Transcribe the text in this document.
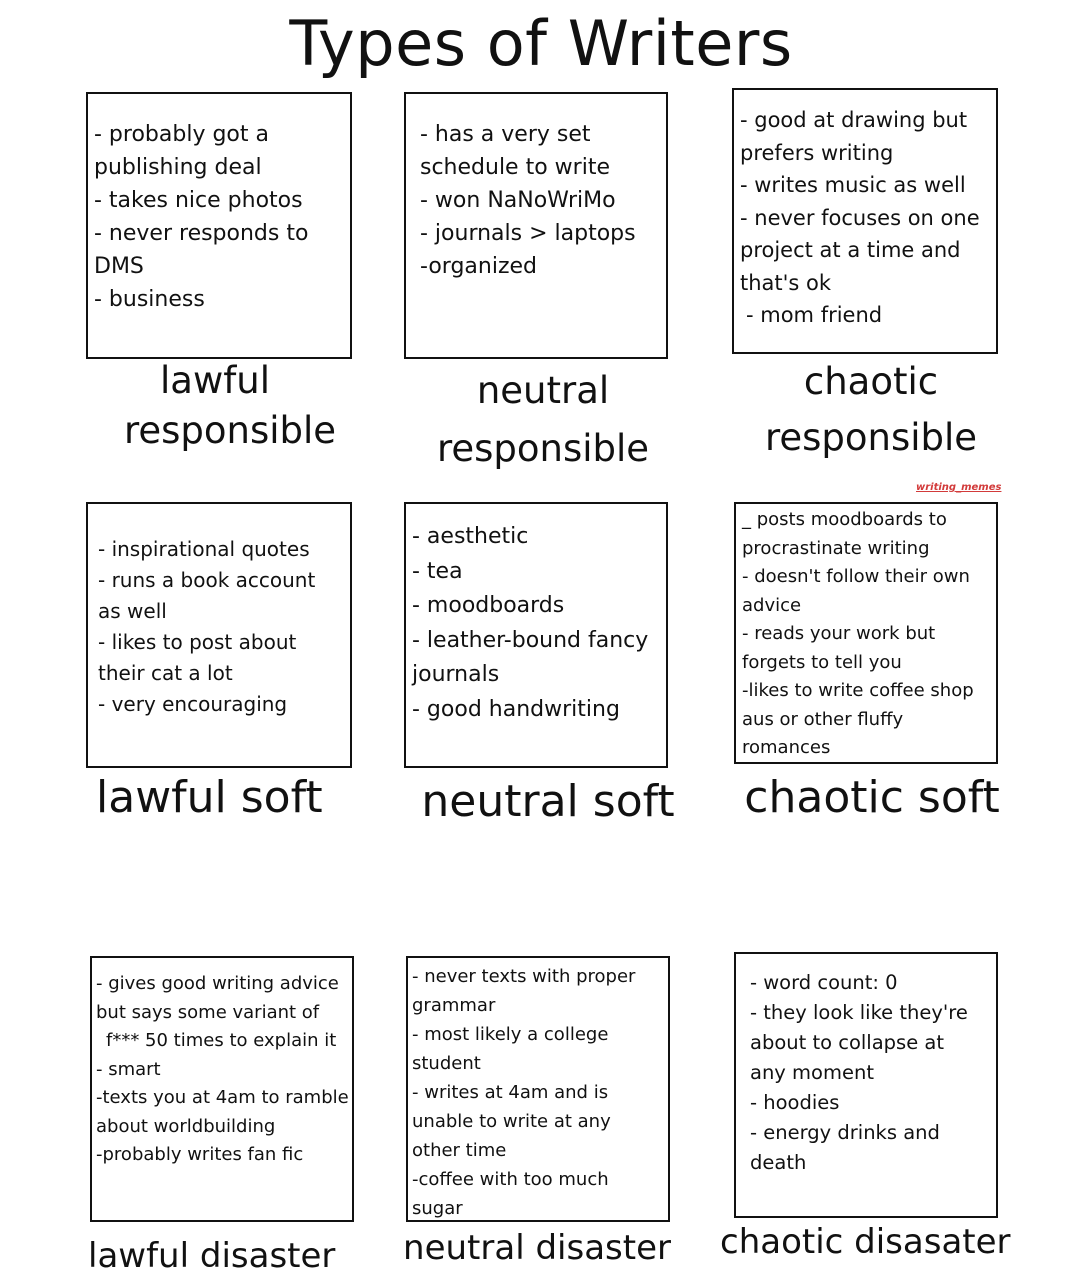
Types of Writers
- probably got a
publishing deal
- takes nice photos
- never responds to
DMS
- business
lawful
responsible
- has a very set
schedule to write
- won NaNoWriMo
- journals > laptops
-organized
neutral
responsible
- good at drawing but
prefers writing
- writes music as well
- never focuses on one
project at a time and
that's ok
- mom friend
chaotic
responsible
writing_memes
- inspirational quotes
- runs a book account
as well
- likes to post about
their cat a lot
- very encouraging
lawful soft
- aesthetic
- tea
- moodboards
- leather-bound fancy
journals
- good handwriting
neutral soft
_ posts moodboards to
procrastinate writing
- doesn't follow their own
advice
- reads your work but
forgets to tell you
-likes to write coffee shop
aus or other fluffy
romances
chaotic soft
- gives good writing advice
but says some variant of
f*** 50 times to explain it
- smart
-texts you at 4am to ramble
about worldbuilding
-probably writes fan fic
lawful disaster
- never texts with proper
grammar
- most likely a college
student
- writes at 4am and is
unable to write at any
other time
-coffee with too much
sugar
neutral disaster
- word count: 0
- they look like they're
about to collapse at
any moment
- hoodies
- energy drinks and
death
chaotic disasater
